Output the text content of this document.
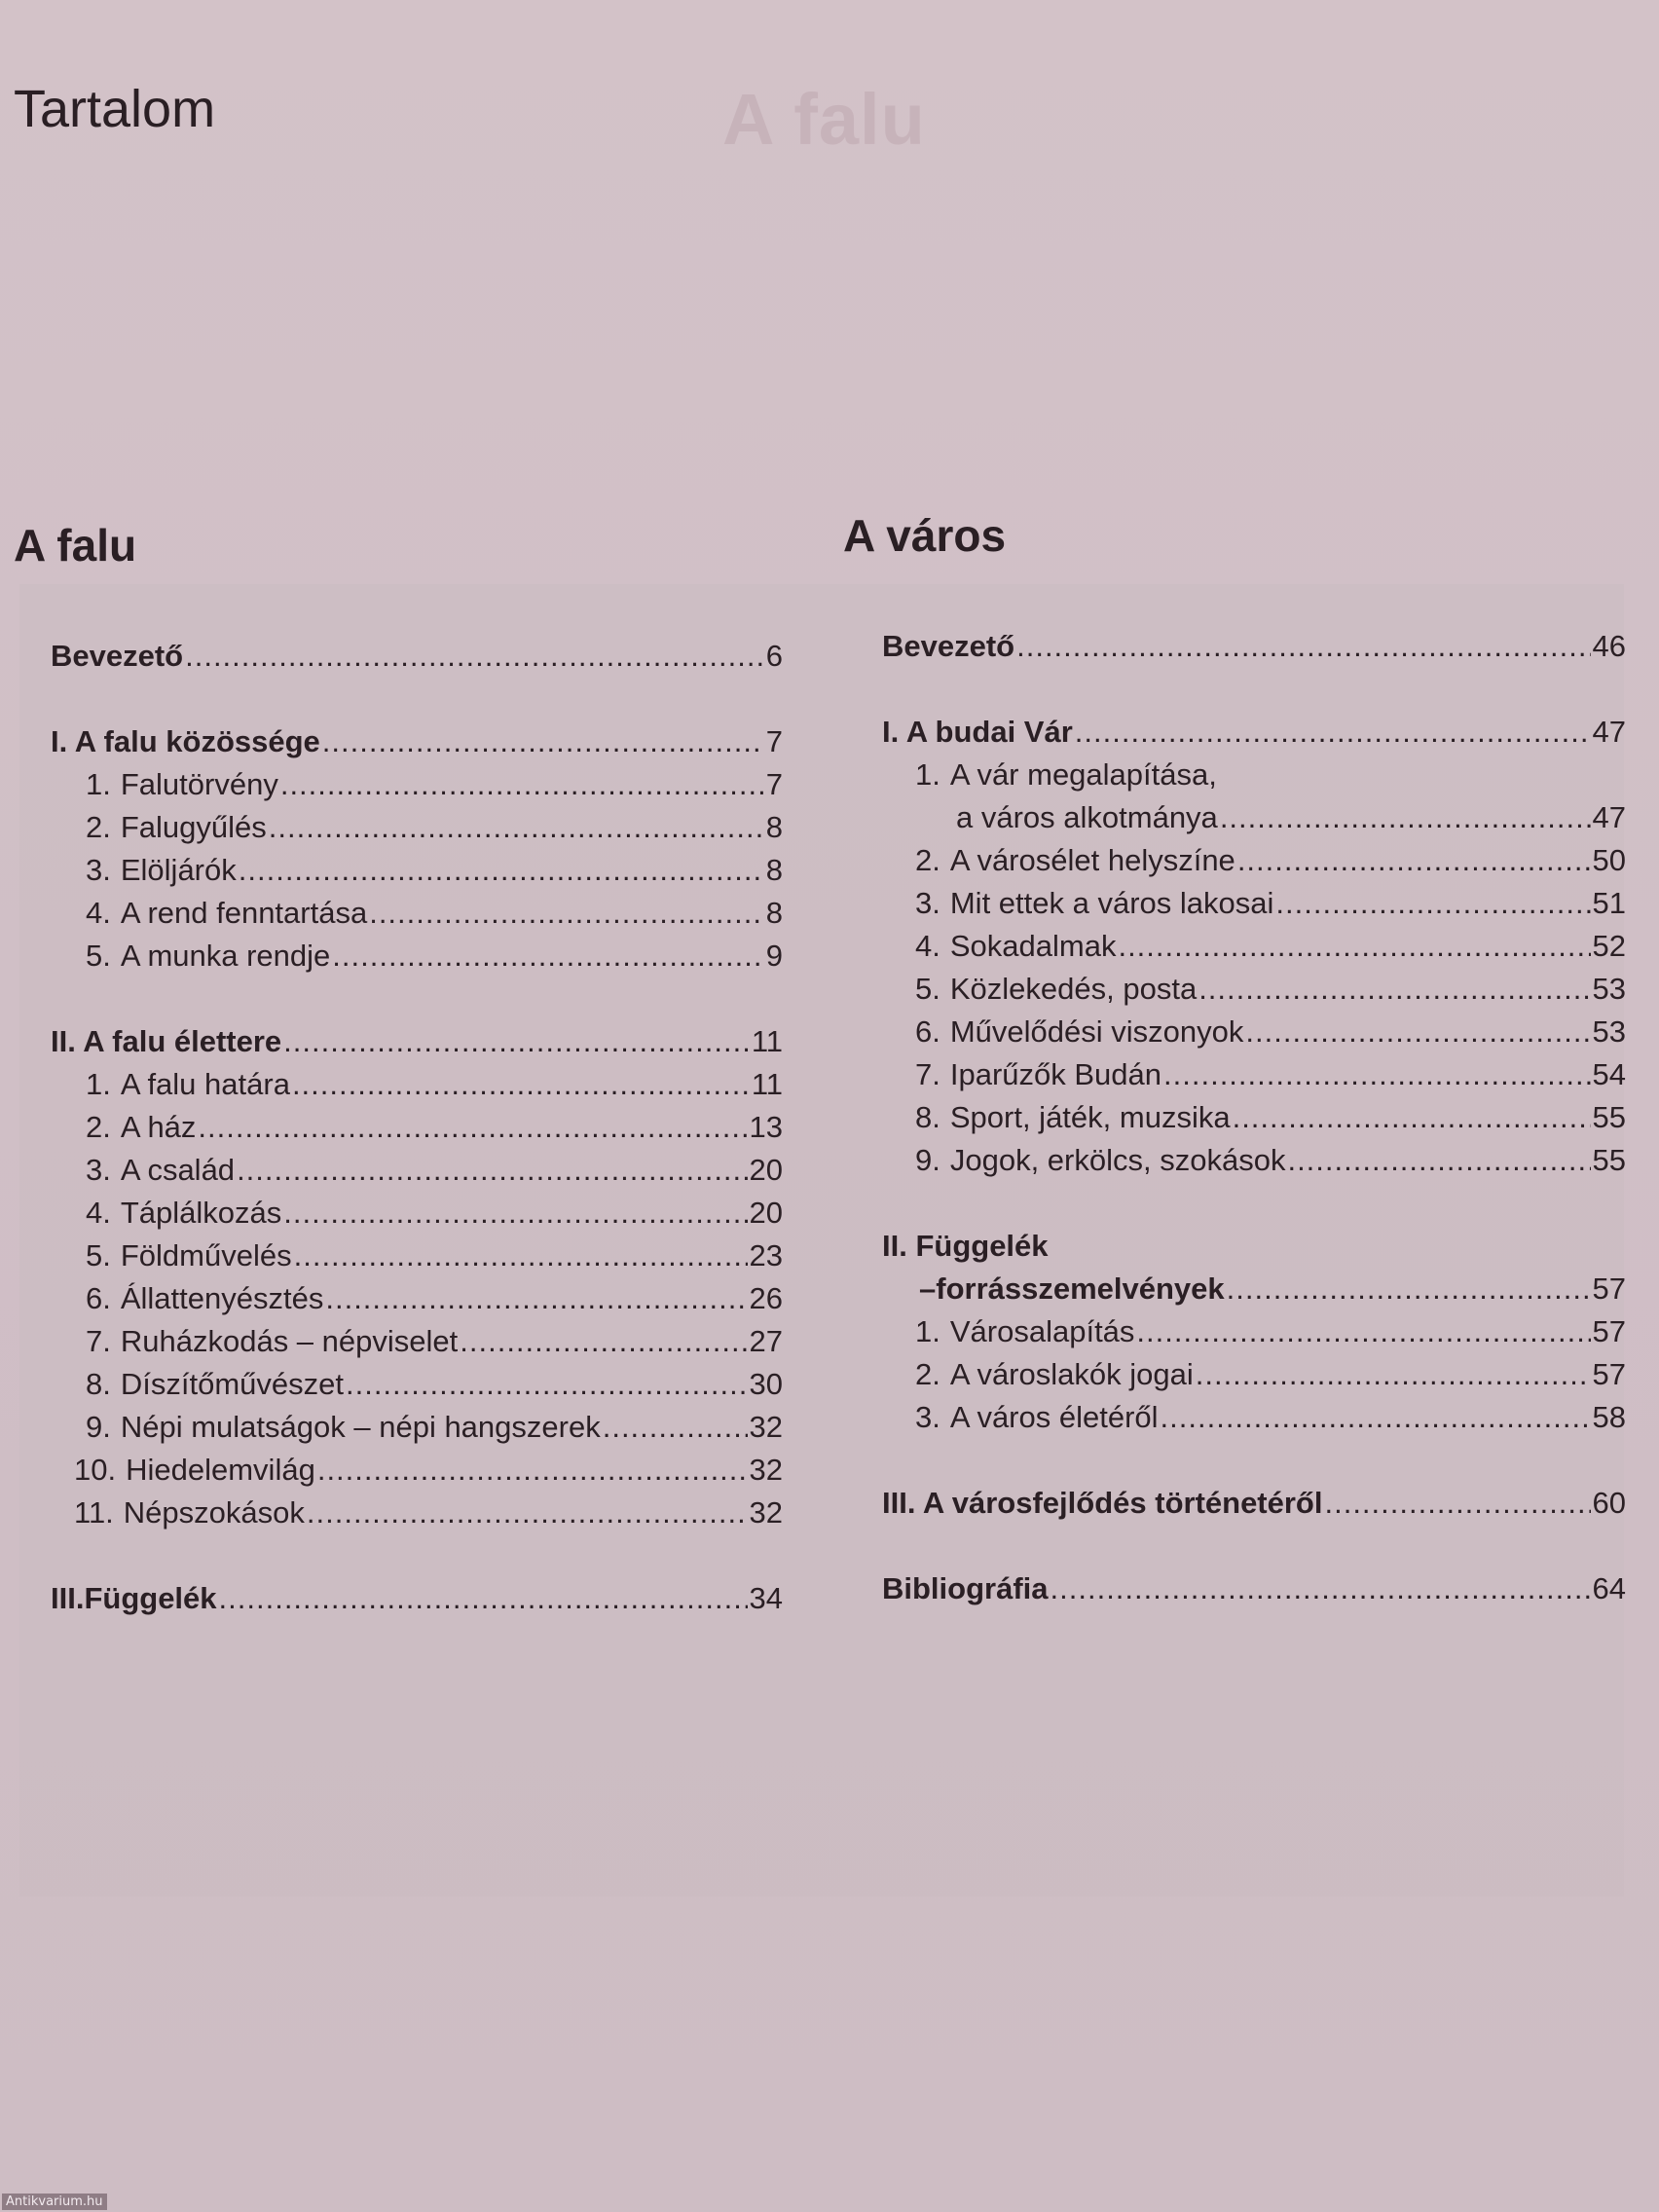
A falu
Tartalom
A falu
Bevezető .....	6
I. A falu közössége .....	7
1. Falutörvény .....	7
2. Falugyűlés .....	8
3. Elöljárók .....	8
4. A rend fenntartása .....	8
5. A munka rendje .....	9
II. A falu élettere .....	11
1. A falu határa .....	11
2. A ház .....	13
3. A család .....	20
4. Táplálkozás .....	20
5. Földművelés .....	23
6. Állattenyésztés .....	26
7. Ruházkodás – népviselet .....	27
8. Díszítőművészet .....	30
9. Népi mulatságok – népi hangszerek .....	32
10. Hiedelemvilág .....	32
11. Népszokások .....	32
III.Függelék .....	34
A város
Bevezető .....	46
I. A budai Vár .....	47
1. A vár megalapítása,
a város alkotmánya .....	47
2. A városélet helyszíne .....	50
3. Mit ettek a város lakosai .....	51
4. Sokadalmak .....	52
5. Közlekedés, posta .....	53
6. Művelődési viszonyok .....	53
7. Iparűzők Budán .....	54
8. Sport, játék, muzsika .....	55
9. Jogok, erkölcs, szokások .....	55
II. Függelék
–forrásszemelvények .....	57
1. Városalapítás .....	57
2. A városlakók jogai .....	57
3. A város életéről .....	58
III. A városfejlődés történetéről .....	60
Bibliográfia .....	64
Antikvarium.hu
